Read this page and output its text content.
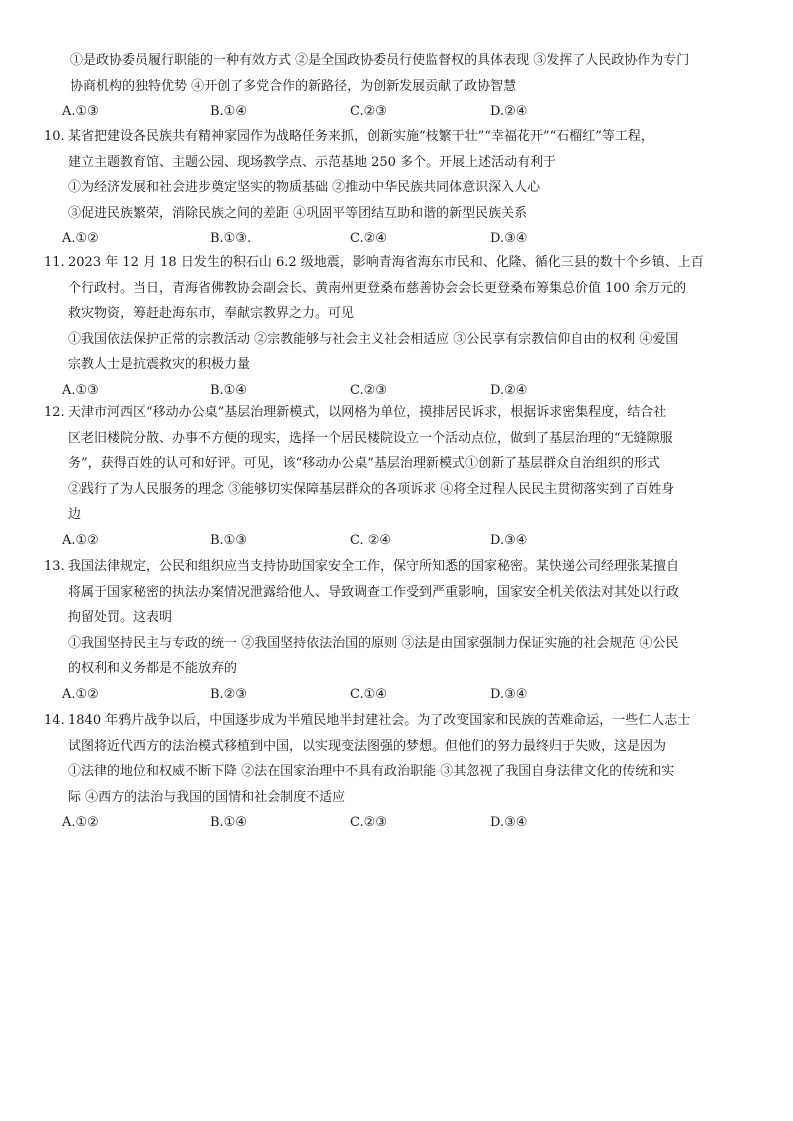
①是政协委员履行职能的一种有效方式 ②是全国政协委员行使监督权的具体表现 ③发挥了人民政协作为专门
协商机构的独特优势 ④开创了多党合作的新路径，为创新发展贡献了政协智慧
A.①③	B.①④	C.②③	D.②④
10. 某省把建设各民族共有精神家园作为战略任务来抓，创新实施“枝繁干壮”“幸福花开”“石榴红”等工程，
建立主题教育馆、主题公园、现场教学点、示范基地 250 多个。开展上述活动有利于
①为经济发展和社会进步奠定坚实的物质基础 ②推动中华民族共同体意识深入人心
③促进民族繁荣，消除民族之间的差距 ④巩固平等团结互助和谐的新型民族关系
A.①②	B.①③.	C.②④	D.③④
11. 2023 年 12 月 18 日发生的积石山 6.2 级地震，影响青海省海东市民和、化隆、循化三县的数十个乡镇、上百
个行政村。当日，青海省佛教协会副会长、黄南州更登桑布慈善协会会长更登桑布筹集总价值 100 余万元的
救灾物资，筹赶赴海东市，奉献宗教界之力。可见
①我国依法保护正常的宗教活动 ②宗教能够与社会主义社会相适应 ③公民享有宗教信仰自由的权利 ④爱国
宗教人士是抗震救灾的积极力量
A.①③	B.①④	C.②③	D.②④
12. 天津市河西区“移动办公桌”基层治理新模式，以网格为单位，摸排居民诉求，根据诉求密集程度，结合社
区老旧楼院分散、办事不方便的现实，选择一个居民楼院设立一个活动点位，做到了基层治理的“无缝隙服
务”，获得百姓的认可和好评。可见，该“移动办公桌”基层治理新模式①创新了基层群众自治组织的形式
②践行了为人民服务的理念 ③能够切实保障基层群众的各项诉求 ④将全过程人民民主贯彻落实到了百姓身
边
A.①②	B.①③	C. ②④	D.③④
13. 我国法律规定，公民和组织应当支持协助国家安全工作，保守所知悉的国家秘密。某快递公司经理张某擅自
将属于国家秘密的执法办案情况泄露给他人、导致调查工作受到严重影响，国家安全机关依法对其处以行政
拘留处罚。这表明
①我国坚持民主与专政的统一 ②我国坚持依法治国的原则 ③法是由国家强制力保证实施的社会规范 ④公民
的权利和义务都是不能放弃的
A.①②	B.②③	C.①④	D.③④
14. 1840 年鸦片战争以后，中国逐步成为半殖民地半封建社会。为了改变国家和民族的苦难命运，一些仁人志士
试图将近代西方的法治模式移植到中国，以实现变法图强的梦想。但他们的努力最终归于失败，这是因为
①法律的地位和权威不断下降 ②法在国家治理中不具有政治职能 ③其忽视了我国自身法律文化的传统和实
际 ④西方的法治与我国的国情和社会制度不适应
A.①②	B.①④	C.②③	D.③④
